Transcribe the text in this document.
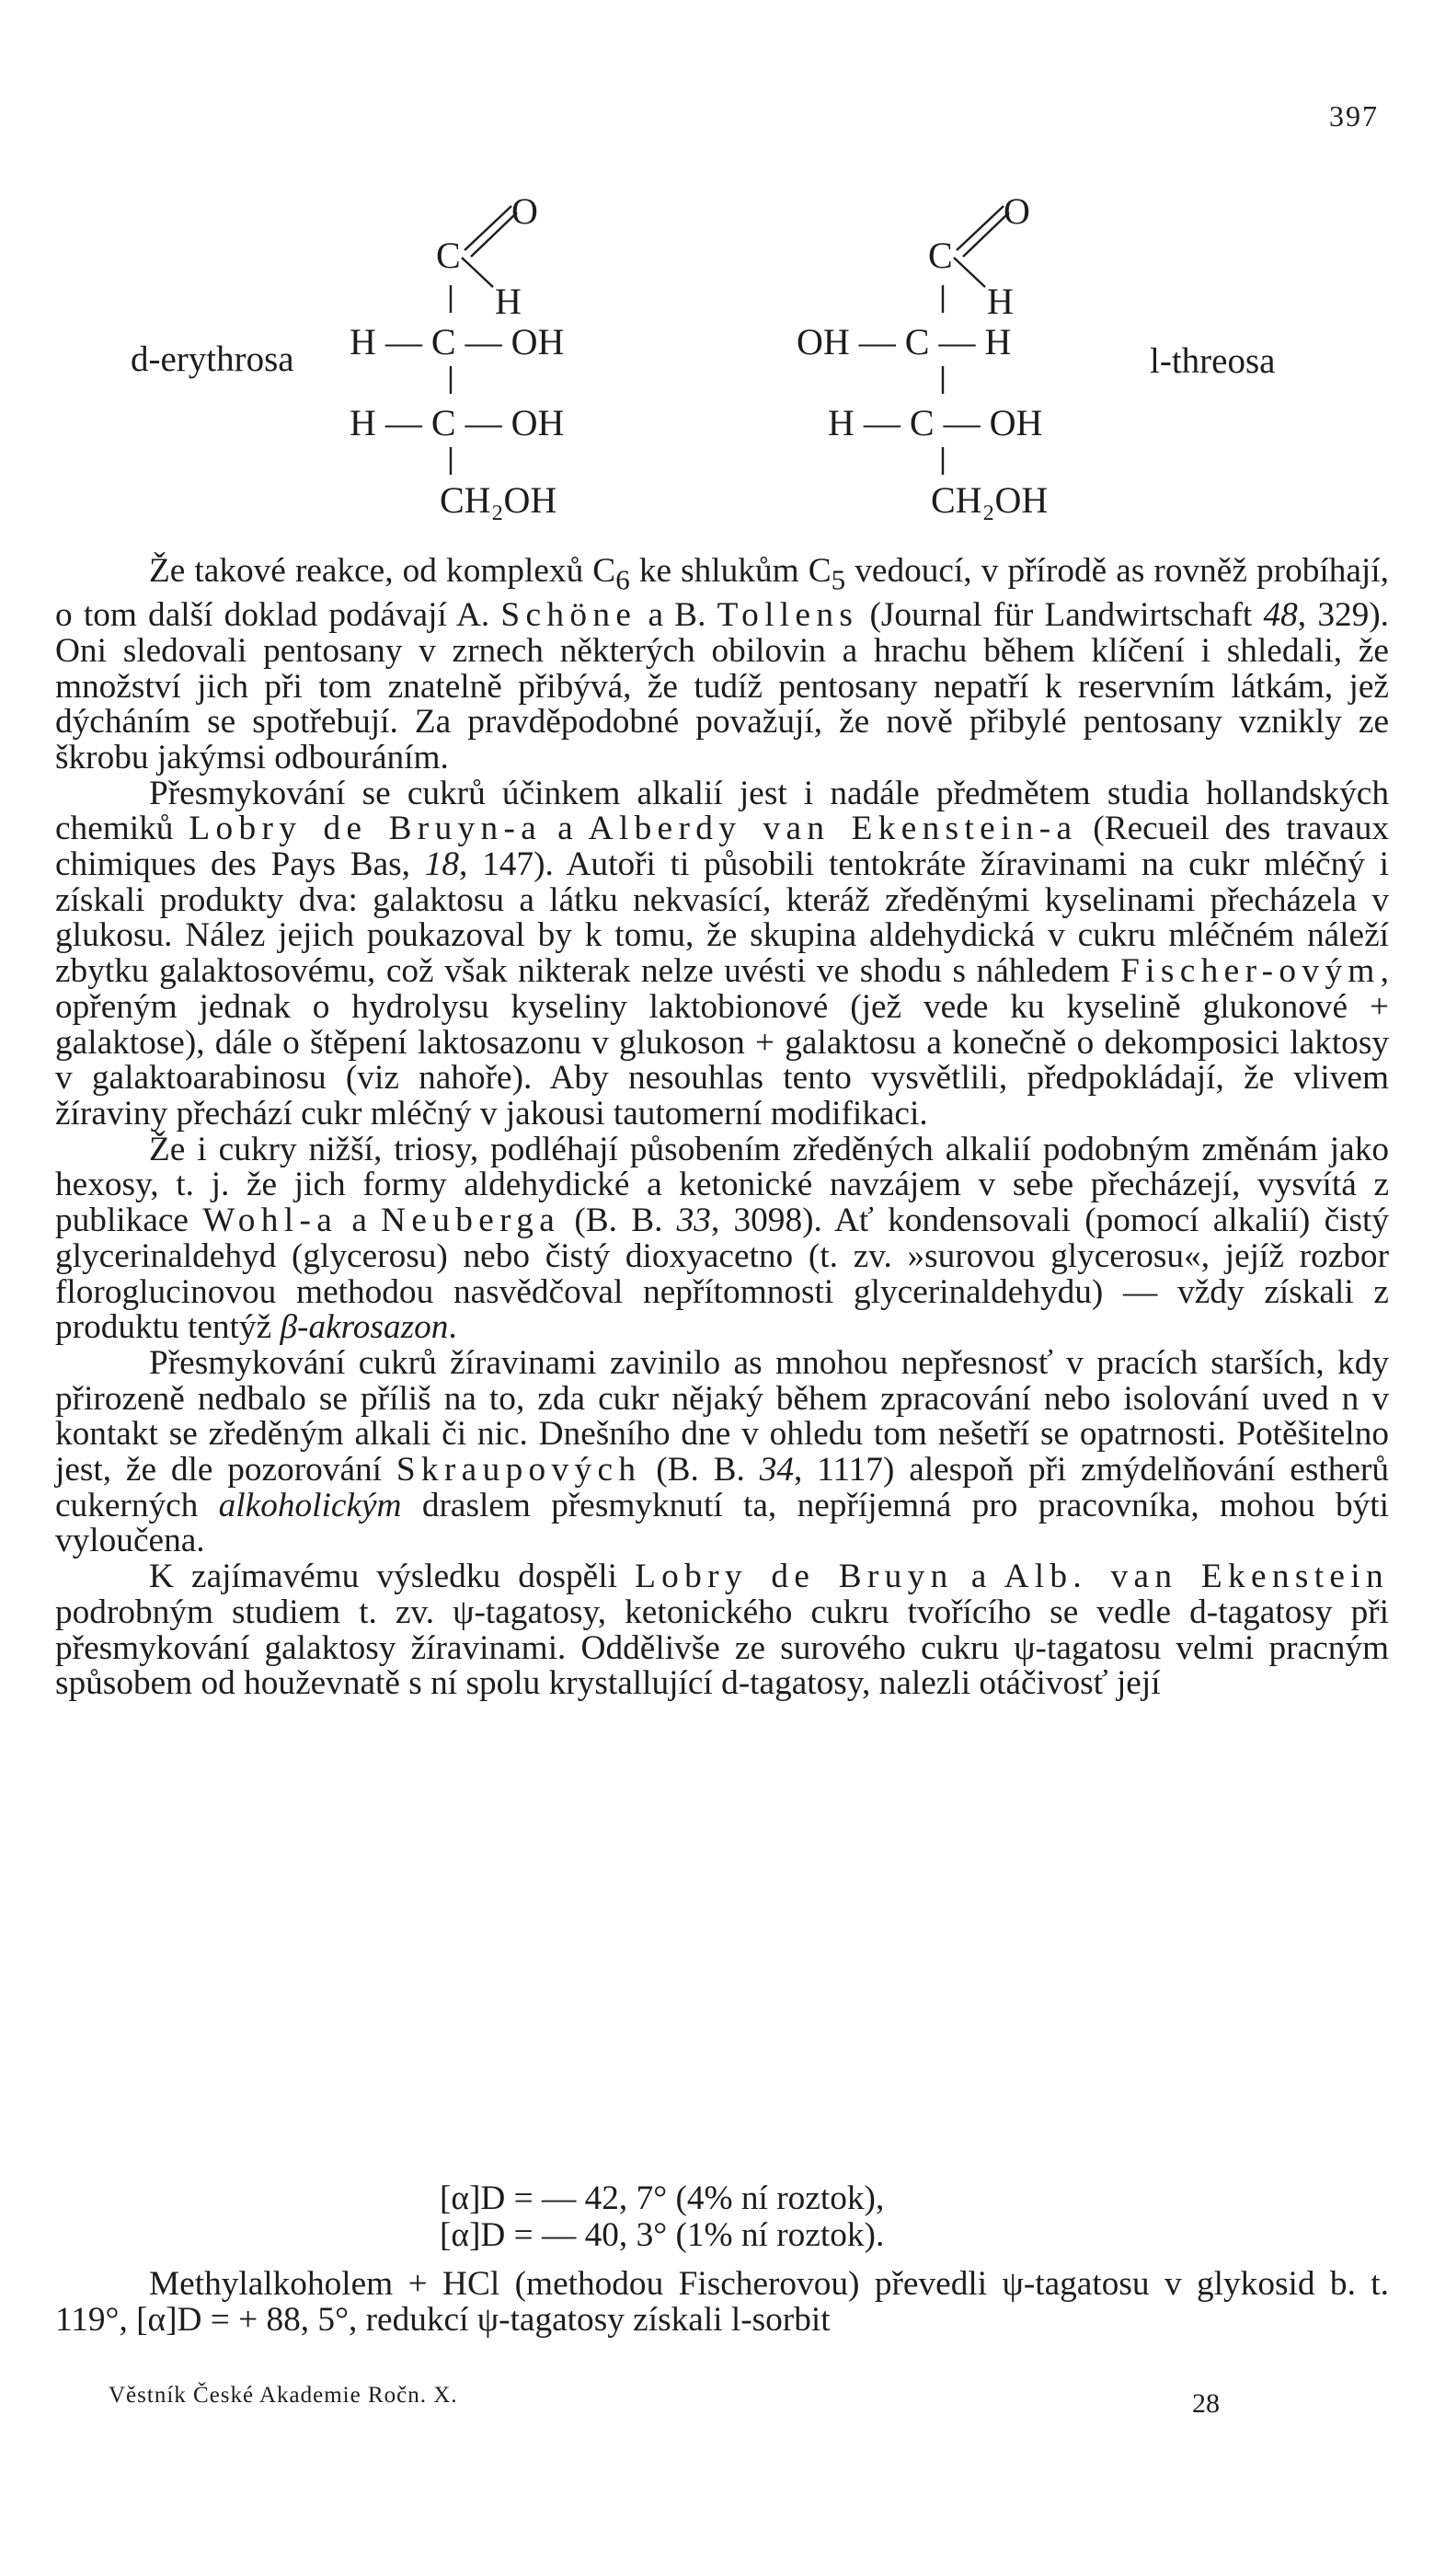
397
d-erythrosa
C
O
H
H — C — OH
H — C — OH
CH₂OH
l-threosa
C
O
H
OH — C — H
H — C — OH
CH₂OH

Že takové reakce, od komplexů $C_6$ ke shlukům $C_5$ vedoucí, v přírodě as rovněž probíhají, o tom další doklad podávají A. Schöne a B. Tollens (Journal für Landwirtschaft 48, 329). Oni sledovali pentosany v zrnech některých obilovin a hrachu během klíčení i shledali, že množství jich při tom znatelně přibývá, že tudíž pentosany nepatří k reservním látkám, jež dýcháním se spotřebují. Za pravděpodobné považují, že nově přibylé pentosany vznikly ze škrobu jakýmsi odbouráním.

Přesmykování se cukrů účinkem alkalií jest i nadále předmětem studia hollandských chemiků Lobry de Bruyn-a a Alberdy van Ekenstein-a (Recueil des travaux chimiques des Pays Bas, 18, 147). Autoři ti působili tentokráte žíravinami na cukr mléčný i získali produkty dva: galaktosu a látku nekvasící, kteráž zředěnými kyselinami přecházela v glukosu. Nález jejich poukazoval by k tomu, že skupina aldehydická v cukru mléčném náleží zbytku galaktosovému, což však nikterak nelze uvésti ve shodu s náhledem Fischer-ovým, opřeným jednak o hydrolysu kyseliny laktobionové (jež vede ku kyselině glukonové + galaktose), dále o štěpení laktosazonu v glukoson + galaktosu a konečně o dekomposici laktosy v galaktoarabinosu (viz nahoře). Aby nesouhlas tento vysvětlili, předpokládají, že vlivem žíraviny přechází cukr mléčný v jakousi tautomerní modifikaci.

Že i cukry nižší, triosy, podléhají působením zředěných alkalií podobným změnám jako hexosy, t. j. že jich formy aldehydické a ketonické navzájem v sebe přecházejí, vysvítá z publikace Wohl-a a Neuberga (B. B. 33, 3098). Ať kondensovali (pomocí alkalií) čistý glycerinaldehyd (glycerosu) nebo čistý dioxyacetno (t. zv. »surovou glycerosu«, jejíž rozbor floroglucinovou methodou nasvědčoval nepřítomnosti glycerinaldehydu) — vždy získali z produktu tentýž β-akrosazon.

Přesmykování cukrů žíravinami zavinilo as mnohou nepřesnosť v pracích starších, kdy přirozeně nedbalo se příliš na to, zda cukr nějaký během zpracování nebo isolování uved n v kontakt se zředěným alkali či nic. Dnešního dne v ohledu tom nešetří se opatrnosti. Potěšitelno jest, že dle pozorování Skraupových (B. B. 34, 1117) alespoň při zmýdelňování estherů cukerných alkoholickým draslem přesmyknutí ta, nepříjemná pro pracovníka, mohou býti vyloučena.

K zajímavému výsledku dospěli Lobry de Bruyn a Alb. van Ekenstein podrobným studiem t. zv. ψ-tagatosy, ketonického cukru tvořícího se vedle d-tagatosy při přesmykování galaktosy žíravinami. Oddělivše ze surového cukru ψ-tagatosu velmi pracným spůsobem od houževnatě s ní spolu krystallující d-tagatosy, nalezli otáčivosť její

[α]D = — 42, 7° (4% ní roztok),
[α]D = — 40, 3° (1% ní roztok).

Methylalkoholem + HCl (methodou Fischerovou) převedli ψ-tagatosu v glykosid b. t. 119°, [α]D = + 88, 5°, redukcí ψ-tagatosy získali l-sorbit

Věstník České Akademie Ročn. X.	28
